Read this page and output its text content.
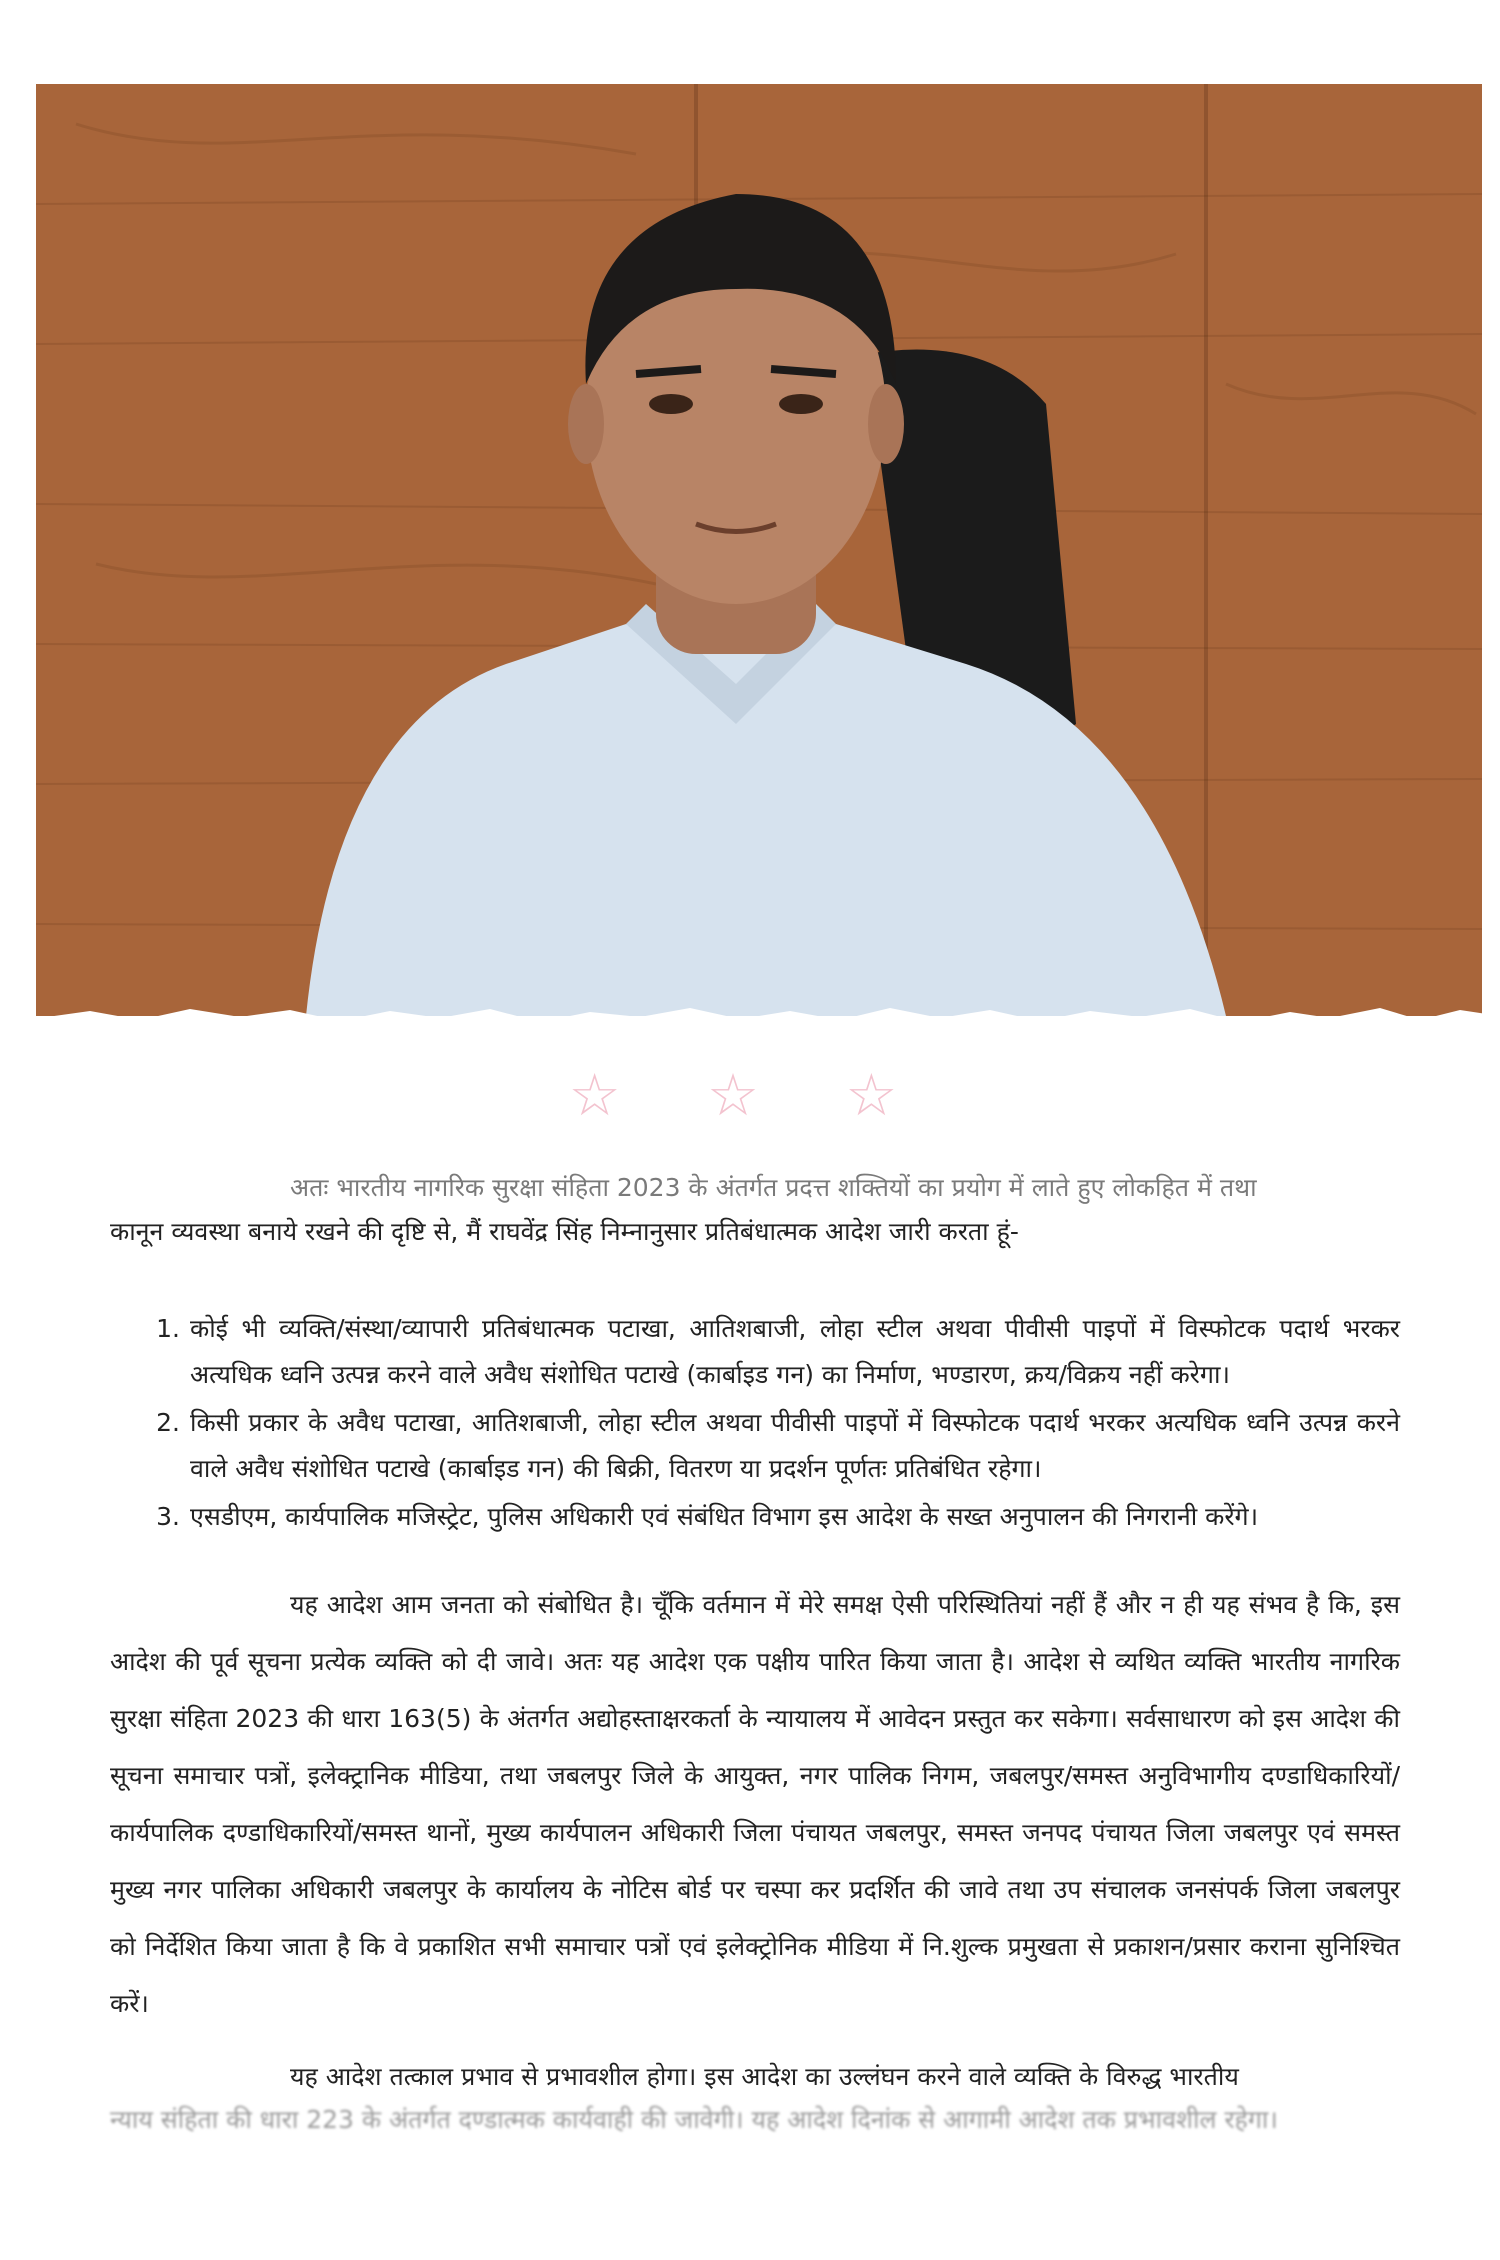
☆ ☆ ☆

अतः भारतीय नागरिक सुरक्षा संहिता 2023 के अंतर्गत प्रदत्त शक्तियों का प्रयोग में लाते हुए लोकहित में तथा

कानून व्यवस्था बनाये रखने की दृष्टि से, मैं राघवेंद्र सिंह निम्नानुसार प्रतिबंधात्मक आदेश जारी करता हूं-

1. कोई भी व्यक्ति/संस्था/व्यापारी प्रतिबंधात्मक पटाखा, आतिशबाजी, लोहा स्टील अथवा पीवीसी पाइपों में विस्फोटक पदार्थ भरकर अत्यधिक ध्वनि उत्पन्न करने वाले अवैध संशोधित पटाखे (कार्बाइड गन) का निर्माण, भण्डारण, क्रय/विक्रय नहीं करेगा।
2. किसी प्रकार के अवैध पटाखा, आतिशबाजी, लोहा स्टील अथवा पीवीसी पाइपों में विस्फोटक पदार्थ भरकर अत्यधिक ध्वनि उत्पन्न करने वाले अवैध संशोधित पटाखे (कार्बाइड गन) की बिक्री, वितरण या प्रदर्शन पूर्णतः प्रतिबंधित रहेगा।
3. एसडीएम, कार्यपालिक मजिस्ट्रेट, पुलिस अधिकारी एवं संबंधित विभाग इस आदेश के सख्त अनुपालन की निगरानी करेंगे।

यह आदेश आम जनता को संबोधित है। चूँकि वर्तमान में मेरे समक्ष ऐसी परिस्थितियां नहीं हैं और न ही यह संभव है कि, इस आदेश की पूर्व सूचना प्रत्येक व्यक्ति को दी जावे। अतः यह आदेश एक पक्षीय पारित किया जाता है। आदेश से व्यथित व्यक्ति भारतीय नागरिक सुरक्षा संहिता 2023 की धारा 163(5) के अंतर्गत अद्योहस्ताक्षरकर्ता के न्यायालय में आवेदन प्रस्तुत कर सकेगा। सर्वसाधारण को इस आदेश की सूचना समाचार पत्रों, इलेक्ट्रानिक मीडिया, तथा जबलपुर जिले के आयुक्त, नगर पालिक निगम, जबलपुर/समस्त अनुविभागीय दण्डाधिकारियों/कार्यपालिक दण्डाधिकारियों/समस्त थानों, मुख्य कार्यपालन अधिकारी जिला पंचायत जबलपुर, समस्त जनपद पंचायत जिला जबलपुर एवं समस्त मुख्य नगर पालिका अधिकारी जबलपुर के कार्यालय के नोटिस बोर्ड पर चस्पा कर प्रदर्शित की जावे तथा उप संचालक जनसंपर्क जिला जबलपुर को निर्देशित किया जाता है कि वे प्रकाशित सभी समाचार पत्रों एवं इलेक्ट्रोनिक मीडिया में नि.शुल्क प्रमुखता से प्रकाशन/प्रसार कराना सुनिश्चित करें।

यह आदेश तत्काल प्रभाव से प्रभावशील होगा। इस आदेश का उल्लंघन करने वाले व्यक्ति के विरुद्ध भारतीय

न्याय संहिता की धारा 223 के अंतर्गत दण्डात्मक कार्यवाही की जावेगी। यह आदेश दिनांक से आगामी आदेश तक प्रभावशील रहेगा।
